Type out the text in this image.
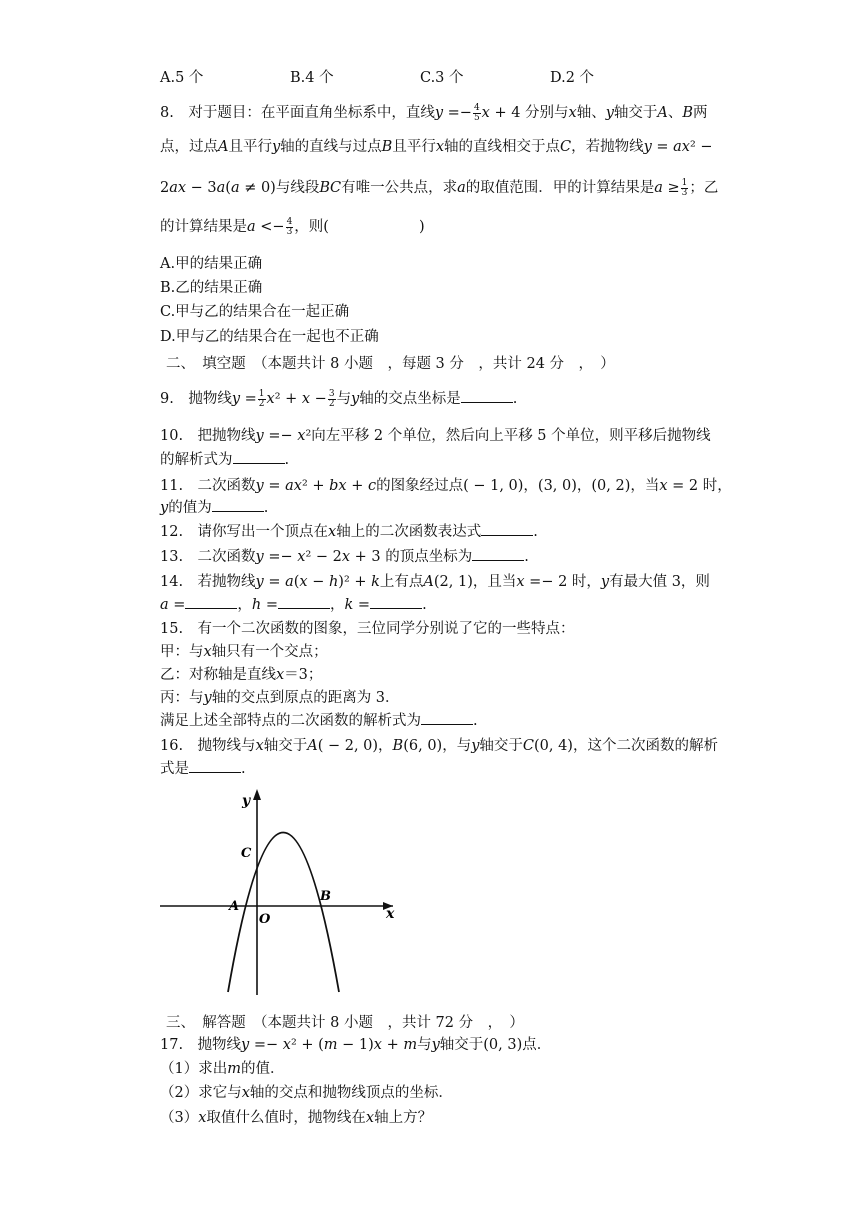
A.5 个	B.4 个	C.3 个	D.2 个
8.　对于题目：在平面直角坐标系中，直线𝑦 =− $\frac{4}{5}$ 𝑥 + 4 分别与𝑥轴、𝑦轴交于𝐴、𝐵两
点，过点𝐴且平行𝑦轴的直线与过点𝐵且平行𝑥轴的直线相交于点𝐶，若抛物线𝑦 = 𝑎𝑥² −
2𝑎𝑥 − 3𝑎(𝑎 ≠ 0)与线段𝐵𝐶有唯一公共点，求𝑎的取值范围．甲的计算结果是𝑎 ≥ $\frac{1}{3}$ ；乙
的计算结果是𝑎 <− $\frac{4}{3}$ ，则(	)
A.甲的结果正确
B.乙的结果正确
C.甲与乙的结果合在一起正确
D.甲与乙的结果合在一起也不正确
二、　填空题　（本题共计 8 小题　，每题 3 分　，共计 24 分　，　）
9.　抛物线𝑦 = $\frac{1}{2}$ 𝑥² + 𝑥 − $\frac{3}{2}$ 与𝑦轴的交点坐标是	.
10.　把抛物线𝑦 =− 𝑥²向左平移 2 个单位，然后向上平移 5 个单位，则平移后抛物线
的解析式为	.
11.　二次函数𝑦 = 𝑎𝑥² + 𝑏𝑥 + 𝑐的图象经过点( − 1, 0)，(3, 0)，(0, 2)，当𝑥 = 2 时，
𝑦的值为	.
12.　请你写出一个顶点在𝑥轴上的二次函数表达式	.
13.　二次函数𝑦 =− 𝑥² − 2𝑥 + 3 的顶点坐标为	.
14.　若抛物线𝑦 = 𝑎(𝑥 − ℎ)² + 𝑘上有点𝐴(2, 1)，且当𝑥 =− 2 时，𝑦有最大值 3，则
𝑎 =	，ℎ =	，𝑘 =	.
15.　有一个二次函数的图象，三位同学分别说了它的一些特点：
甲：与𝑥轴只有一个交点；
乙：对称轴是直线𝑥＝3；
丙：与𝑦轴的交点到原点的距离为 3．
满足上述全部特点的二次函数的解析式为	.
16.　抛物线与𝑥轴交于𝐴( − 2, 0)，𝐵(6, 0)，与𝑦轴交于𝐶(0, 4)，这个二次函数的解析
式是	.
y
x
O
A
B
C
三、　解答题　（本题共计 8 小题　，共计 72 分　，　）
17.　抛物线𝑦 =− 𝑥² + (𝑚 − 1)𝑥 + 𝑚与𝑦轴交于(0, 3)点．
（1）求出𝑚的值．
（2）求它与𝑥轴的交点和抛物线顶点的坐标．
（3）𝑥取值什么值时，抛物线在𝑥轴上方？
